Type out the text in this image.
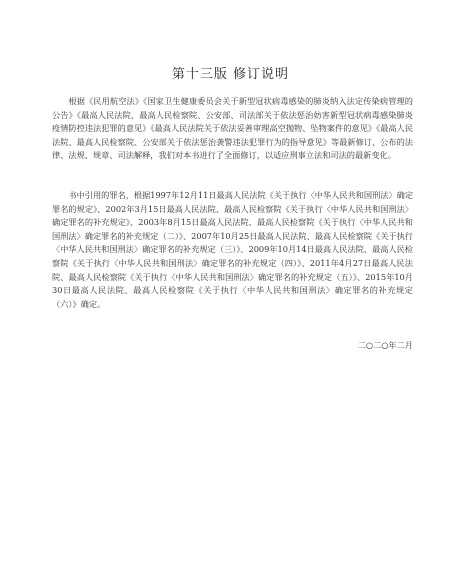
第十三版 修订说明

根据《民用航空法》《国家卫生健康委员会关于新型冠状病毒感染的肺炎纳入法定传染病管理的公告》《最高人民法院、最高人民检察院、公安部、司法部关于依法惩治妨害新型冠状病毒感染肺炎疫情防控违法犯罪的意见》《最高人民法院关于依法妥善审理高空抛物、坠物案件的意见》《最高人民法院、最高人民检察院、公安部关于依法惩治袭警违法犯罪行为的指导意见》等最新修订、公布的法律、法规、规章、司法解释，我们对本书进行了全面修订，以适应刑事立法和司法的最新变化。

书中引用的罪名，根据1997年12月11日最高人民法院《关于执行〈中华人民共和国刑法〉确定罪名的规定》、2002年3月15日最高人民法院、最高人民检察院《关于执行〈中华人民共和国刑法〉确定罪名的补充规定》、2003年8月15日最高人民法院、最高人民检察院《关于执行〈中华人民共和国刑法〉确定罪名的补充规定（二）》、2007年10月25日最高人民法院、最高人民检察院《关于执行〈中华人民共和国刑法〉确定罪名的补充规定（三）》、2009年10月14日最高人民法院、最高人民检察院《关于执行〈中华人民共和国刑法〉确定罪名的补充规定（四）》、2011年4月27日最高人民法院、最高人民检察院《关于执行〈中华人民共和国刑法〉确定罪名的补充规定（五）》、2015年10月30日最高人民法院、最高人民检察院《关于执行〈中华人民共和国刑法〉确定罪名的补充规定（六）》确定。

二○二○年二月
